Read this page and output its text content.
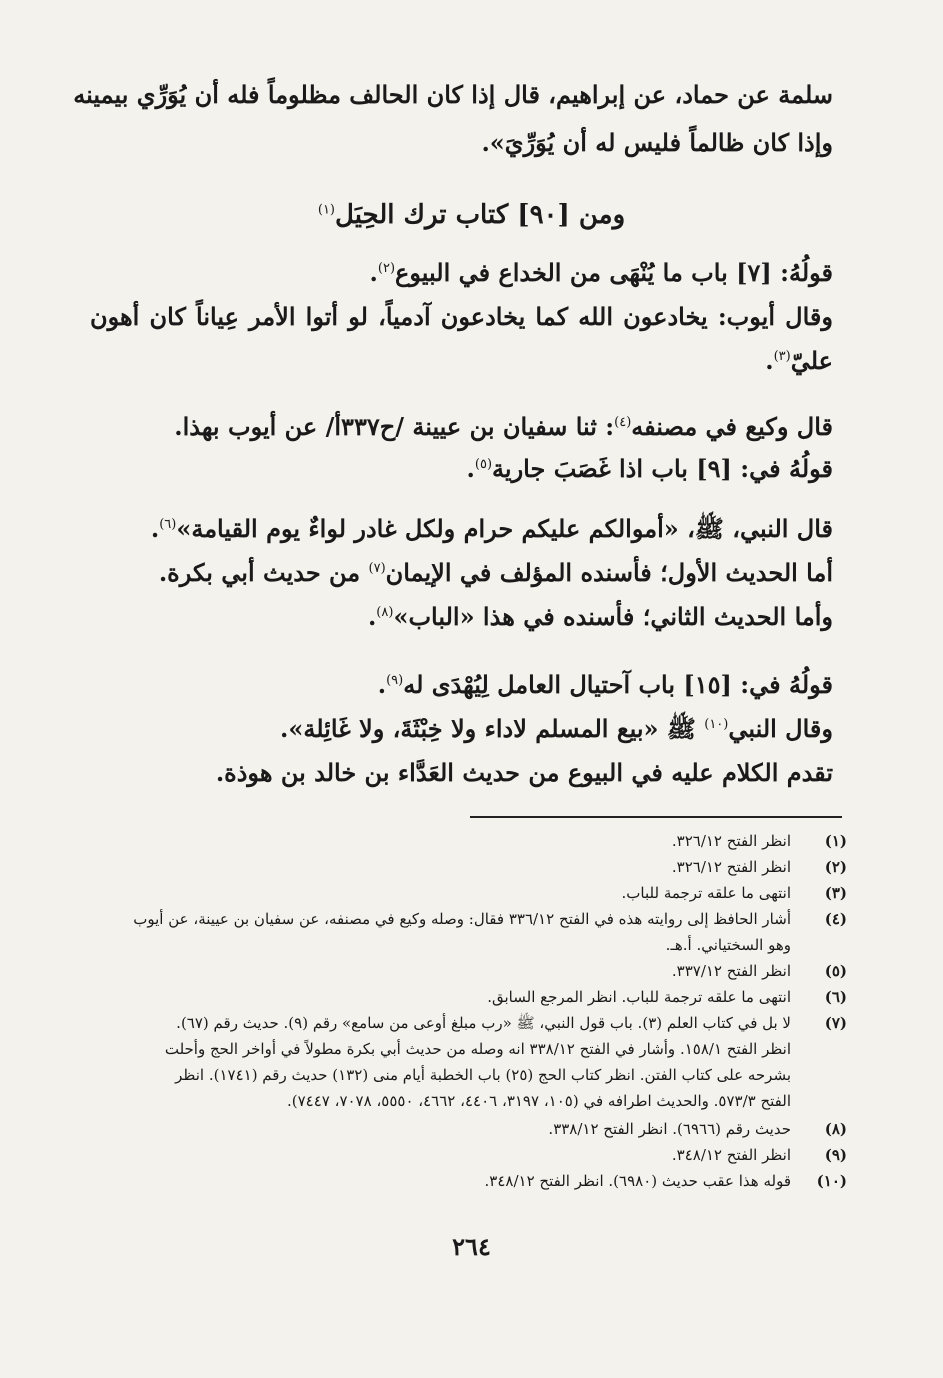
سلمة عن حماد، عن إبراهيم، قال إذا كان الحالف مظلوماً فله أن يُوَرِّي بيمينه
وإذا كان ظالماً فليس له أن يُوَرِّيَ».
ومن [٩٠] كتاب ترك الحِيَل$^{(١)}$
قولُهُ: [٧] باب ما يُنْهَى من الخداع في البيوع$^{(٢)}$.
وقال أيوب: يخادعون الله كما يخادعون آدمياً، لو أتوا الأمر عِياناً كان أهون
عليّ$^{(٣)}$.
قال وكيع في مصنفه$^{(٤)}$: ثنا سفيان بن عيينة /ح٣٣٧أ/ عن أيوب بهذا.
قولُهُ في: [٩] باب اذا غَصَبَ جارية$^{(٥)}$.
قال النبي، ﷺ، «أموالكم عليكم حرام ولكل غادر لواءٌ يوم القيامة»$^{(٦)}$.
أما الحديث الأول؛ فأسنده المؤلف في الإيمان$^{(٧)}$ من حديث أبي بكرة.
وأما الحديث الثاني؛ فأسنده في هذا «الباب»$^{(٨)}$.
قولُهُ في: [١٥] باب آحتيال العامل لِيُهْدَى له$^{(٩)}$.
وقال النبي$^{(١٠)}$ ﷺ «بيع المسلم لاداء ولا خِبْثَةَ، ولا غَائِلة».
تقدم الكلام عليه في البيوع من حديث العَدَّاء بن خالد بن هوذة.
(١)
انظر الفتح ٣٢٦/١٢.
(٢)
انظر الفتح ٣٢٦/١٢.
(٣)
انتهى ما علقه ترجمة للباب.
(٤)
أشار الحافظ إلى روايته هذه في الفتح ٣٣٦/١٢ فقال: وصله وكيع في مصنفه، عن سفيان بن عيينة، عن أيوب
وهو السختياني. أ.هـ.
(٥)
انظر الفتح ٣٣٧/١٢.
(٦)
انتهى ما علقه ترجمة للباب. انظر المرجع السابق.
(٧)
لا بل في كتاب العلم (٣). باب قول النبي، ﷺ «رب مبلغ أوعى من سامع» رقم (٩). حديث رقم (٦٧).
انظر الفتح ١٥٨/١. وأشار في الفتح ٣٣٨/١٢ انه وصله من حديث أبي بكرة مطولاً في أواخر الحج وأحلت
بشرحه على كتاب الفتن. انظر كتاب الحج (٢٥) باب الخطبة أيام منى (١٣٢) حديث رقم (١٧٤١). انظر
الفتح ٥٧٣/٣. والحديث اطرافه في (١٠٥، ٣١٩٧، ٤٤٠٦، ٤٦٦٢، ٥٥٥٠، ٧٠٧٨، ٧٤٤٧).
(٨)
حديث رقم (٦٩٦٦). انظر الفتح ٣٣٨/١٢.
(٩)
انظر الفتح ٣٤٨/١٢.
(١٠)
قوله هذا عقب حديث (٦٩٨٠). انظر الفتح ٣٤٨/١٢.
٢٦٤
